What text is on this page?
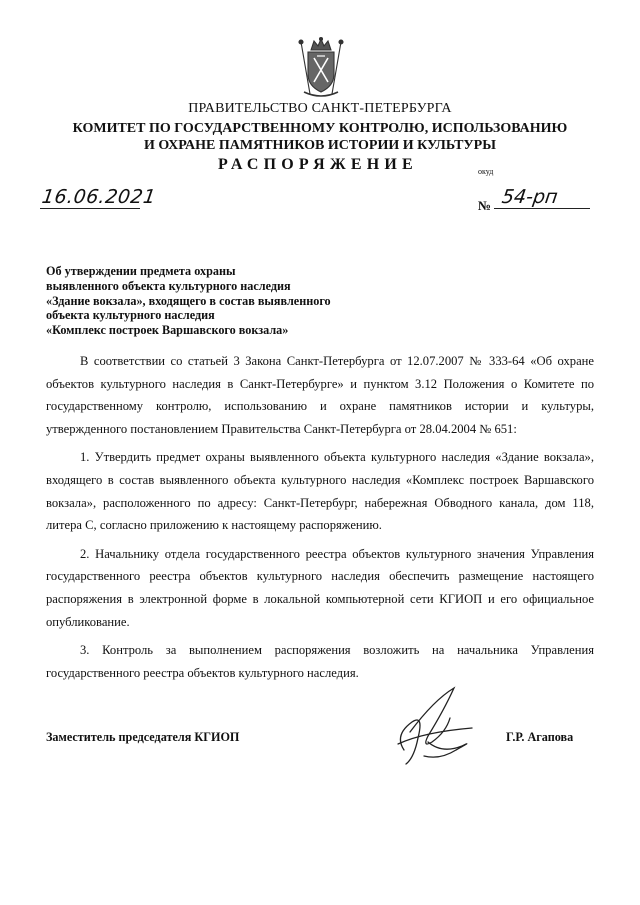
ПРАВИТЕЛЬСТВО САНКТ-ПЕТЕРБУРГА
КОМИТЕТ ПО ГОСУДАРСТВЕННОМУ КОНТРОЛЮ, ИСПОЛЬЗОВАНИЮ
И ОХРАНЕ ПАМЯТНИКОВ ИСТОРИИ И КУЛЬТУРЫ
РАСПОРЯЖЕНИЕ	окуд
16.06.2021	№ 54-рп
Об утверждении предмета охраны
выявленного объекта культурного наследия
«Здание вокзала», входящего в состав выявленного
объекта культурного наследия
«Комплекс построек Варшавского вокзала»

В соответствии со статьей 3 Закона Санкт-Петербурга от 12.07.2007 № 333-64 «Об охране объектов культурного наследия в Санкт-Петербурге» и пунктом 3.12 Положения о Комитете по государственному контролю, использованию и охране памятников истории и культуры, утвержденного постановлением Правительства Санкт-Петербурга от 28.04.2004 № 651:

1. Утвердить предмет охраны выявленного объекта культурного наследия «Здание вокзала», входящего в состав выявленного объекта культурного наследия «Комплекс построек Варшавского вокзала», расположенного по адресу: Санкт-Петербург, набережная Обводного канала, дом 118, литера С, согласно приложению к настоящему распоряжению.

2. Начальнику отдела государственного реестра объектов культурного значения Управления государственного реестра объектов культурного наследия обеспечить размещение настоящего распоряжения в электронной форме в локальной компьютерной сети КГИОП и его официальное опубликование.

3. Контроль за выполнением распоряжения возложить на начальника Управления государственного реестра объектов культурного наследия.

Заместитель председателя КГИОП	Г.Р. Агапова
